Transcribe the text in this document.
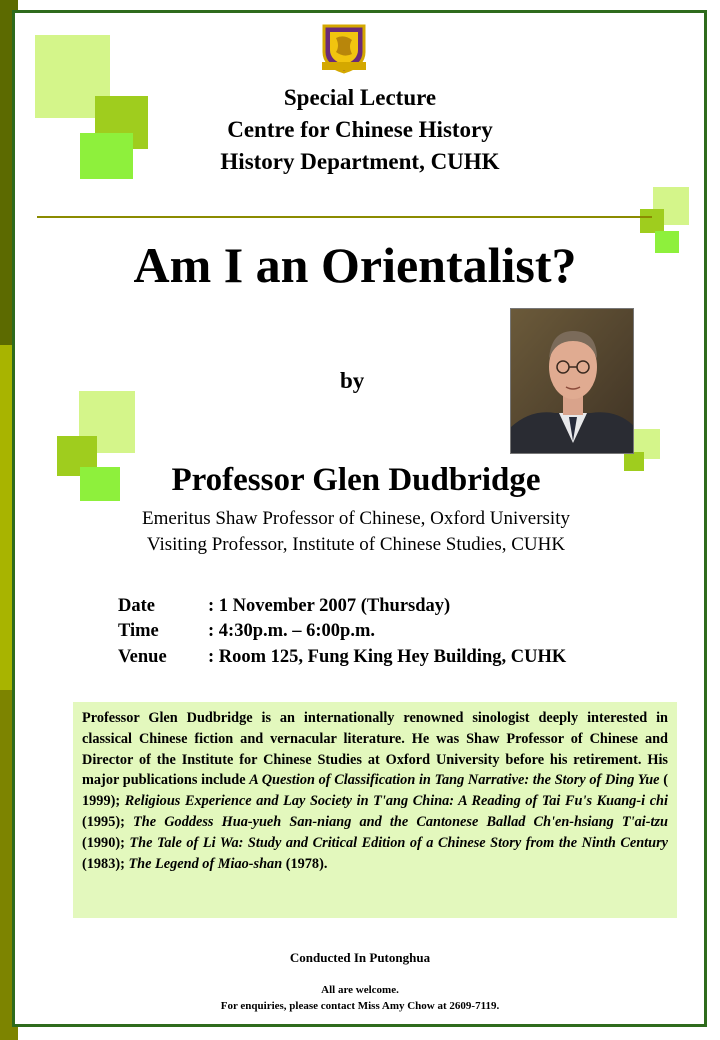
Special Lecture
Centre for Chinese History
History Department, CUHK
Am I an Orientalist?
by
Professor Glen Dudbridge
Emeritus Shaw Professor of Chinese, Oxford University
Visiting Professor, Institute of Chinese Studies, CUHK
Date	: 1 November 2007 (Thursday)
Time	: 4:30p.m. – 6:00p.m.
Venue : Room 125, Fung King Hey Building, CUHK
Professor Glen Dudbridge is an internationally renowned sinologist deeply interested in classical Chinese fiction and vernacular literature. He was Shaw Professor of Chinese and Director of the Institute for Chinese Studies at Oxford University before his retirement. His major publications include A Question of Classification in Tang Narrative: the Story of Ding Yue ( 1999); Religious Experience and Lay Society in T'ang China: A Reading of Tai Fu's Kuang-i chi (1995); The Goddess Hua-yueh San-niang and the Cantonese Ballad Ch'en-hsiang T'ai-tzu (1990); The Tale of Li Wa: Study and Critical Edition of a Chinese Story from the Ninth Century (1983); The Legend of Miao-shan (1978).
Conducted In Putonghua
All are welcome.
For enquiries, please contact Miss Amy Chow at 2609-7119.
